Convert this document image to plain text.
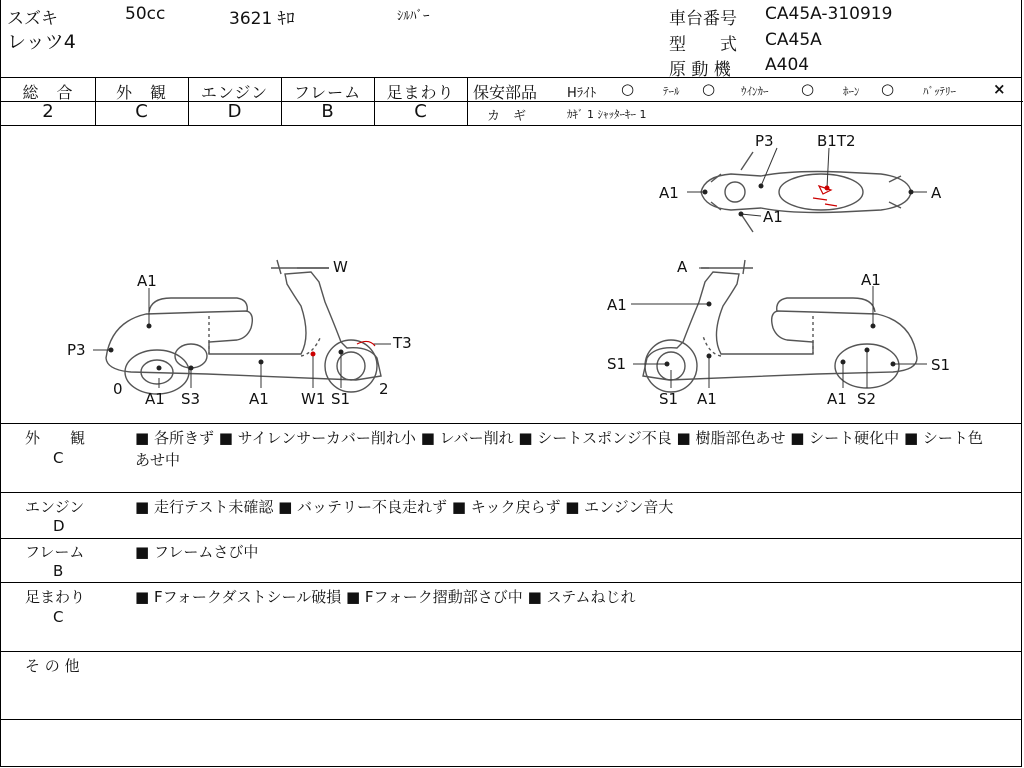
スズキ	50cc	3621 ｷﾛ	ｼﾙﾊﾞｰ
レッツ4
車台番号 CA45A-310919
型　　式 CA45A
原 動 機 A404
総　合	外　観	エンジン	フレーム	足まわり
2	C	D	B	C
保安部品 Hﾗｲﾄ ○	ﾃｰﾙ ○ ｳｲﾝｶｰ ○	ﾎｰﾝ ○	ﾊﾞｯﾃﾘｰ ×
カ　ギ	ｶｷﾞ 1 ｼｬｯﾀｰｷｰ 1
P3	B1T2
A1	A
A1
A1
W
P3	T3
0	2
A1 S3	A1 W1 S1
A
A1
A1
S1	S1
S1 A1	A1 S2
外　　観
C
■ 各所きず ■ サイレンサーカバー削れ小 ■ レバー削れ ■ シートスポンジ不良 ■ 樹脂部色あせ ■ シート硬化中 ■ シート色あせ中
エンジン
D
■ 走行テスト未確認 ■ バッテリー不良走れず ■ キック戻らず ■ エンジン音大
フレーム
B
■ フレームさび中
足まわり
C
■ Fフォークダストシール破損 ■ Fフォーク摺動部さび中 ■ ステムねじれ
そ の 他
